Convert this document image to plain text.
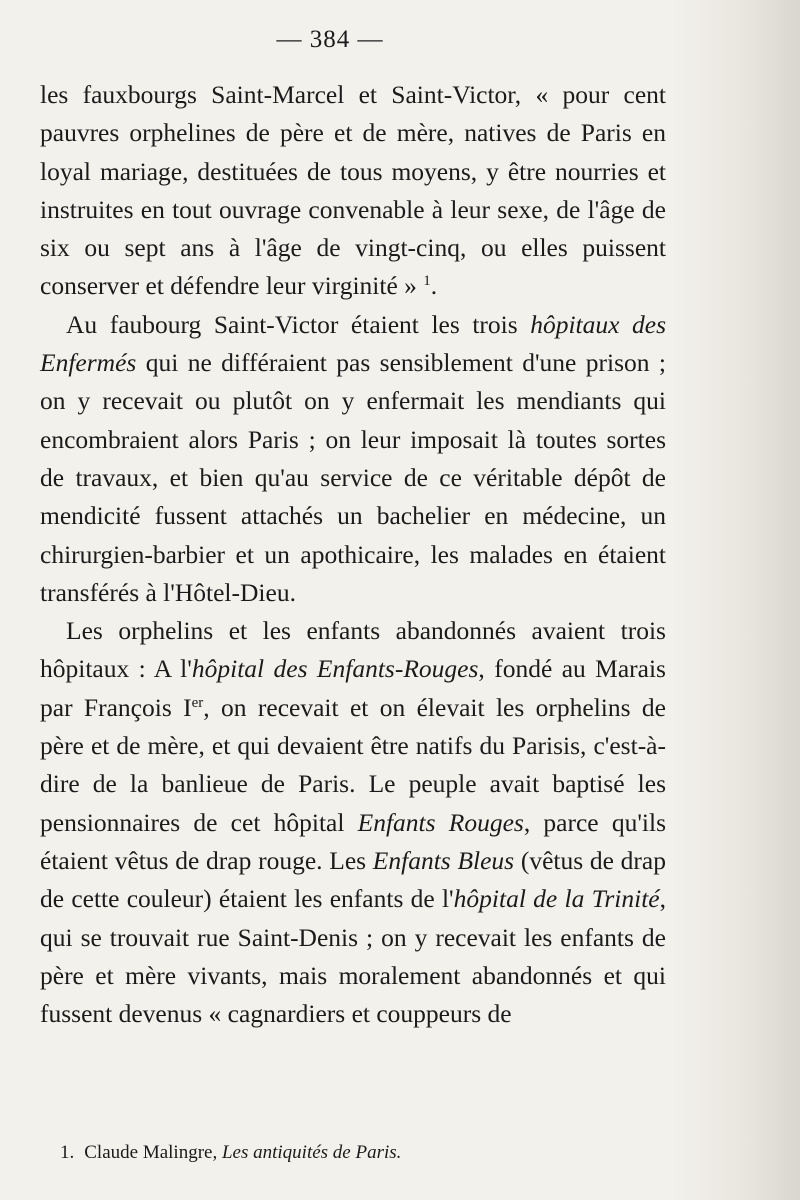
— 384 —

les fauxbourgs Saint-Marcel et Saint-Victor, « pour cent pauvres orphelines de père et de mère, natives de Paris en loyal mariage, destituées de tous moyens, y être nourries et instruites en tout ouvrage convenable à leur sexe, de l'âge de six ou sept ans à l'âge de vingt-cinq, ou elles puissent conserver et défendre leur virginité » $^1$.

Au faubourg Saint-Victor étaient les trois hôpitaux des Enfermés qui ne différaient pas sensiblement d'une prison ; on y recevait ou plutôt on y enfermait les mendiants qui encombraient alors Paris ; on leur imposait là toutes sortes de travaux, et bien qu'au service de ce véritable dépôt de mendicité fussent attachés un bachelier en médecine, un chirurgien-barbier et un apothicaire, les malades en étaient transférés à l'Hôtel-Dieu.

Les orphelins et les enfants abandonnés avaient trois hôpitaux : A l'hôpital des Enfants-Rouges, fondé au Marais par François Ier, on recevait et on élevait les orphelins de père et de mère, et qui devaient être natifs du Parisis, c'est-à-dire de la banlieue de Paris. Le peuple avait baptisé les pensionnaires de cet hôpital Enfants Rouges, parce qu'ils étaient vêtus de drap rouge. Les Enfants Bleus (vêtus de drap de cette couleur) étaient les enfants de l'hôpital de la Trinité, qui se trouvait rue Saint-Denis ; on y recevait les enfants de père et mère vivants, mais moralement abandonnés et qui fussent devenus « cagnardiers et couppeurs de

1. Claude Malingre, Les antiquités de Paris.
